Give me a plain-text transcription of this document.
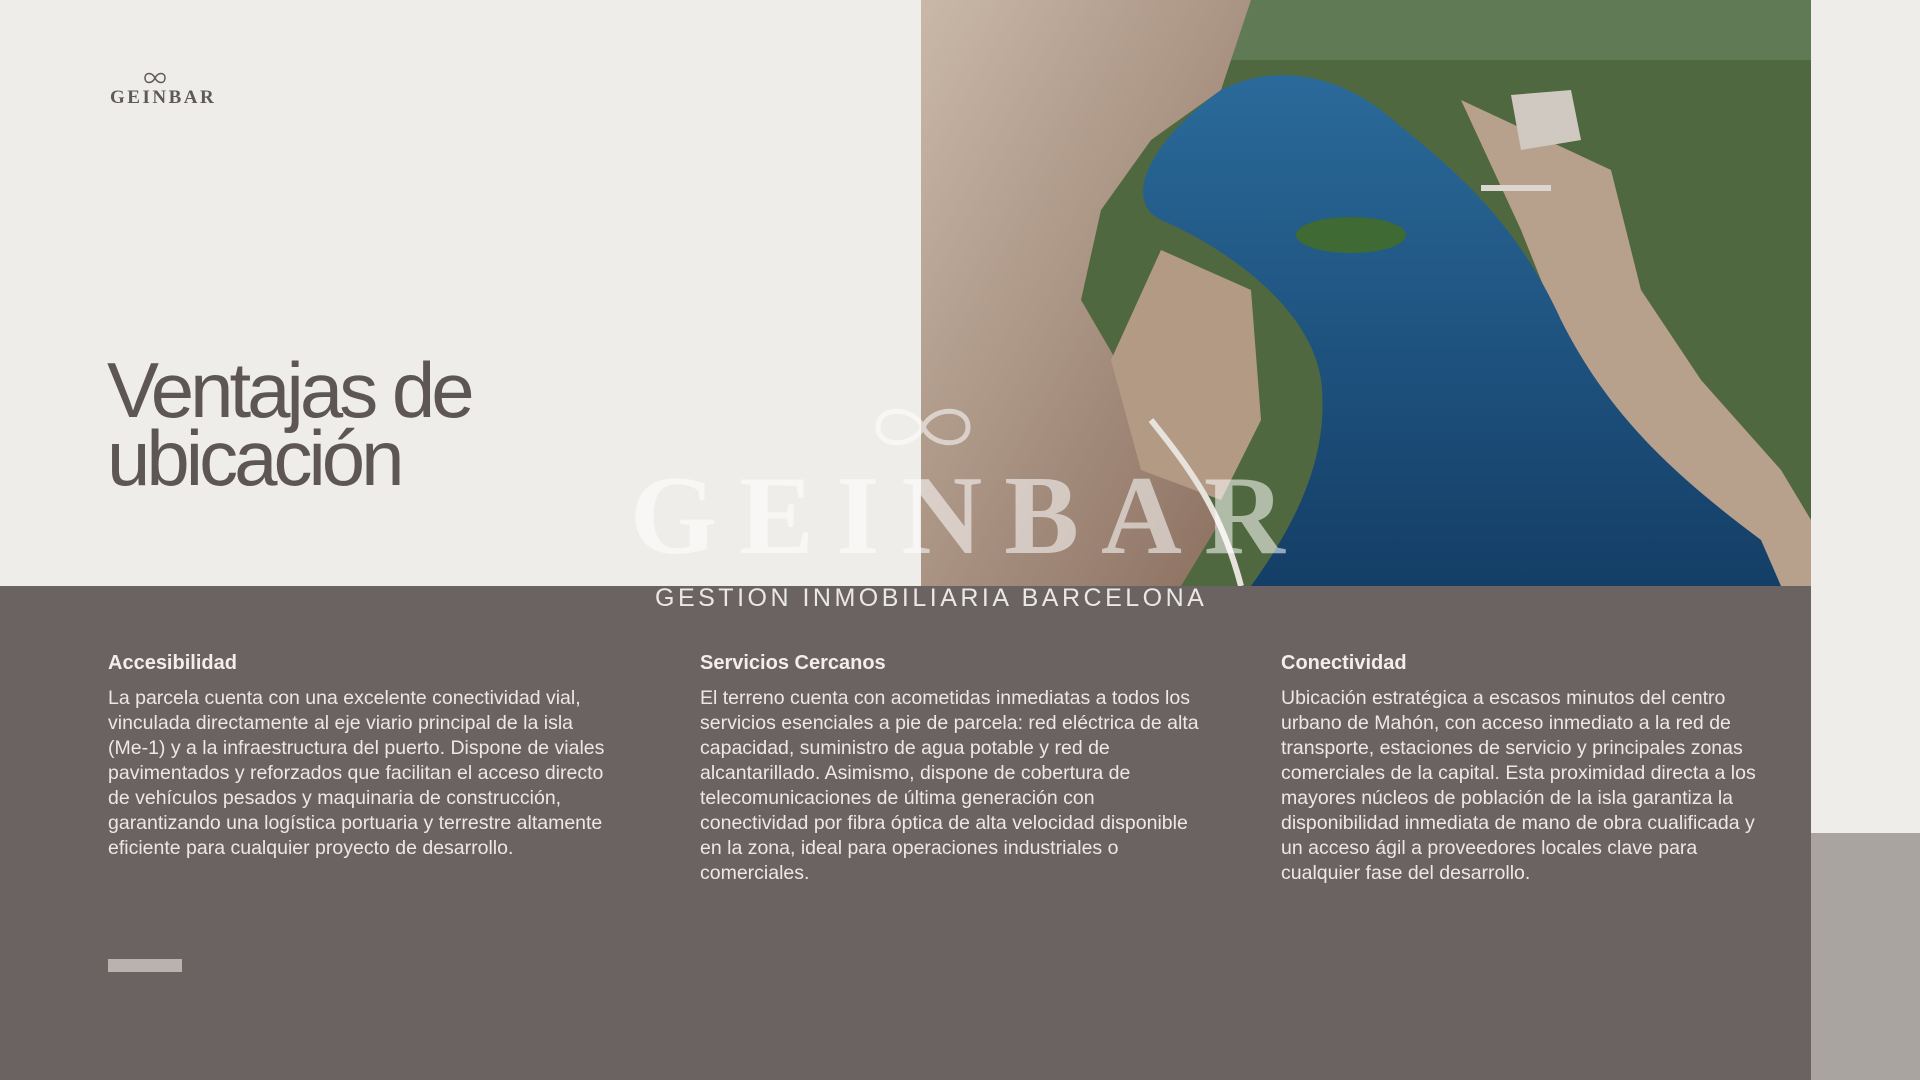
GEINBAR
Ventajas de
ubicación
Accesibilidad

La parcela cuenta con una excelente conectividad vial, vinculada directamente al eje viario principal de la isla (Me-1) y a la infraestructura del puerto. Dispone de viales pavimentados y reforzados que facilitan el acceso directo de vehículos pesados y maquinaria de construcción, garantizando una logística portuaria y terrestre altamente eficiente para cualquier proyecto de desarrollo.

Servicios Cercanos

El terreno cuenta con acometidas inmediatas a todos los servicios esenciales a pie de parcela: red eléctrica de alta capacidad, suministro de agua potable y red de alcantarillado. Asimismo, dispone de cobertura de telecomunicaciones de última generación con conectividad por fibra óptica de alta velocidad disponible en la zona, ideal para operaciones industriales o comerciales.

Conectividad

Ubicación estratégica a escasos minutos del centro urbano de Mahón, con acceso inmediato a la red de transporte, estaciones de servicio y principales zonas comerciales de la capital. Esta proximidad directa a los mayores núcleos de población de la isla garantiza la disponibilidad inmediata de mano de obra cualificada y un acceso ágil a proveedores locales clave para cualquier fase del desarrollo.

GEINBAR
GESTION INMOBILIARIA BARCELONA
